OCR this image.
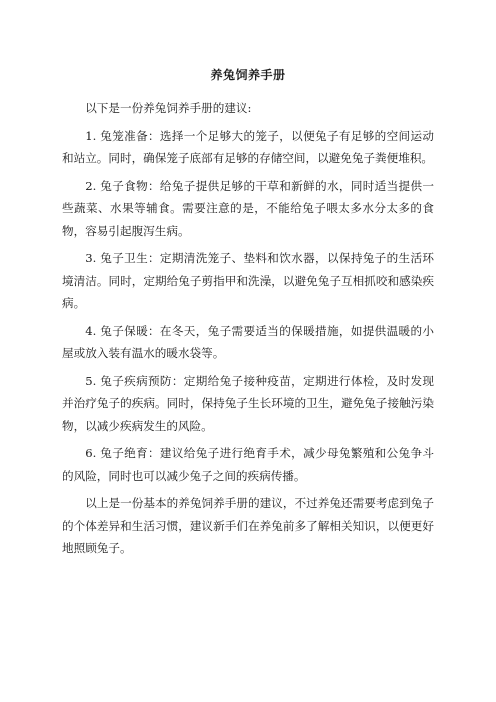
养兔饲养手册

以下是一份养兔饲养手册的建议:

1. 兔笼准备：选择一个足够大的笼子，以便兔子有足够的空间运动和站立。同时，确保笼子底部有足够的存储空间，以避免兔子粪便堆积。

2. 兔子食物：给兔子提供足够的干草和新鲜的水，同时适当提供一些蔬菜、水果等辅食。需要注意的是，不能给兔子喂太多水分太多的食物，容易引起腹泻生病。

3. 兔子卫生：定期清洗笼子、垫料和饮水器，以保持兔子的生活环境清洁。同时，定期给兔子剪指甲和洗澡，以避免兔子互相抓咬和感染疾病。

4. 兔子保暖：在冬天，兔子需要适当的保暖措施，如提供温暖的小屋或放入装有温水的暖水袋等。

5. 兔子疾病预防：定期给兔子接种疫苗，定期进行体检，及时发现并治疗兔子的疾病。同时，保持兔子生长环境的卫生，避免兔子接触污染物，以减少疾病发生的风险。

6. 兔子绝育：建议给兔子进行绝育手术，减少母兔繁殖和公兔争斗的风险，同时也可以减少兔子之间的疾病传播。

以上是一份基本的养兔饲养手册的建议，不过养兔还需要考虑到兔子的个体差异和生活习惯，建议新手们在养兔前多了解相关知识，以便更好地照顾兔子。
